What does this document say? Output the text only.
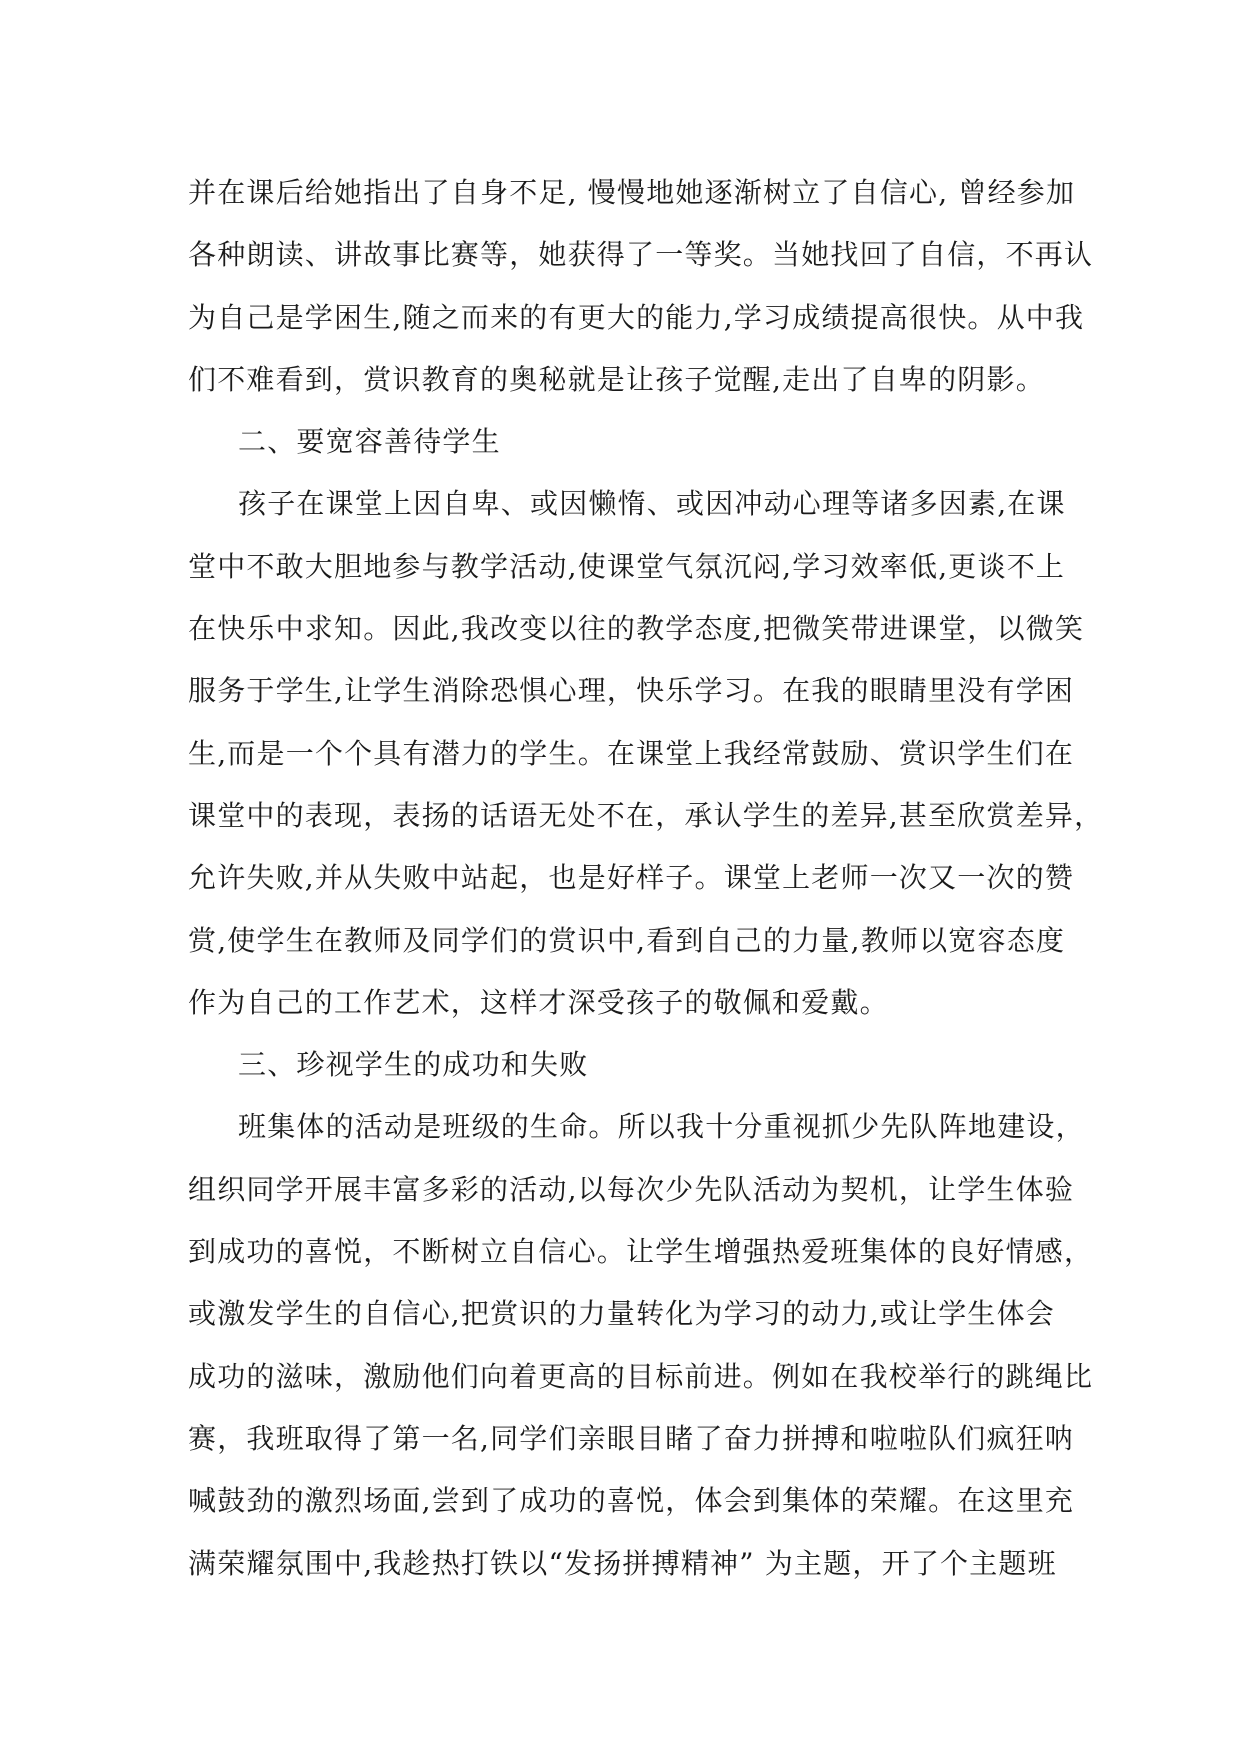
并在课后给她指出了自身不足, 慢慢地她逐渐树立了自信心, 曾经参加
各种朗读、讲故事比赛等，她获得了一等奖。当她找回了自信，不再认
为自己是学困生,随之而来的有更大的能力,学习成绩提高很快。从中我
们不难看到，赏识教育的奥秘就是让孩子觉醒,走出了自卑的阴影。
二、要宽容善待学生
孩子在课堂上因自卑、或因懒惰、或因冲动心理等诸多因素,在课
堂中不敢大胆地参与教学活动,使课堂气氛沉闷,学习效率低,更谈不上
在快乐中求知。因此,我改变以往的教学态度,把微笑带进课堂，以微笑
服务于学生,让学生消除恐惧心理，快乐学习。在我的眼睛里没有学困
生,而是一个个具有潜力的学生。在课堂上我经常鼓励、赏识学生们在
课堂中的表现，表扬的话语无处不在，承认学生的差异,甚至欣赏差异，
允许失败,并从失败中站起，也是好样子。课堂上老师一次又一次的赞
赏,使学生在教师及同学们的赏识中,看到自己的力量,教师以宽容态度
作为自己的工作艺术，这样才深受孩子的敬佩和爱戴。
三、珍视学生的成功和失败
班集体的活动是班级的生命。所以我十分重视抓少先队阵地建设，
组织同学开展丰富多彩的活动,以每次少先队活动为契机，让学生体验
到成功的喜悦，不断树立自信心。让学生增强热爱班集体的良好情感，
或激发学生的自信心,把赏识的力量转化为学习的动力,或让学生体会
成功的滋味，激励他们向着更高的目标前进。例如在我校举行的跳绳比
赛，我班取得了第一名,同学们亲眼目睹了奋力拼搏和啦啦队们疯狂呐
喊鼓劲的激烈场面,尝到了成功的喜悦，体会到集体的荣耀。在这里充
满荣耀氛围中,我趁热打铁以“发扬拼搏精神” 为主题，开了个主题班
